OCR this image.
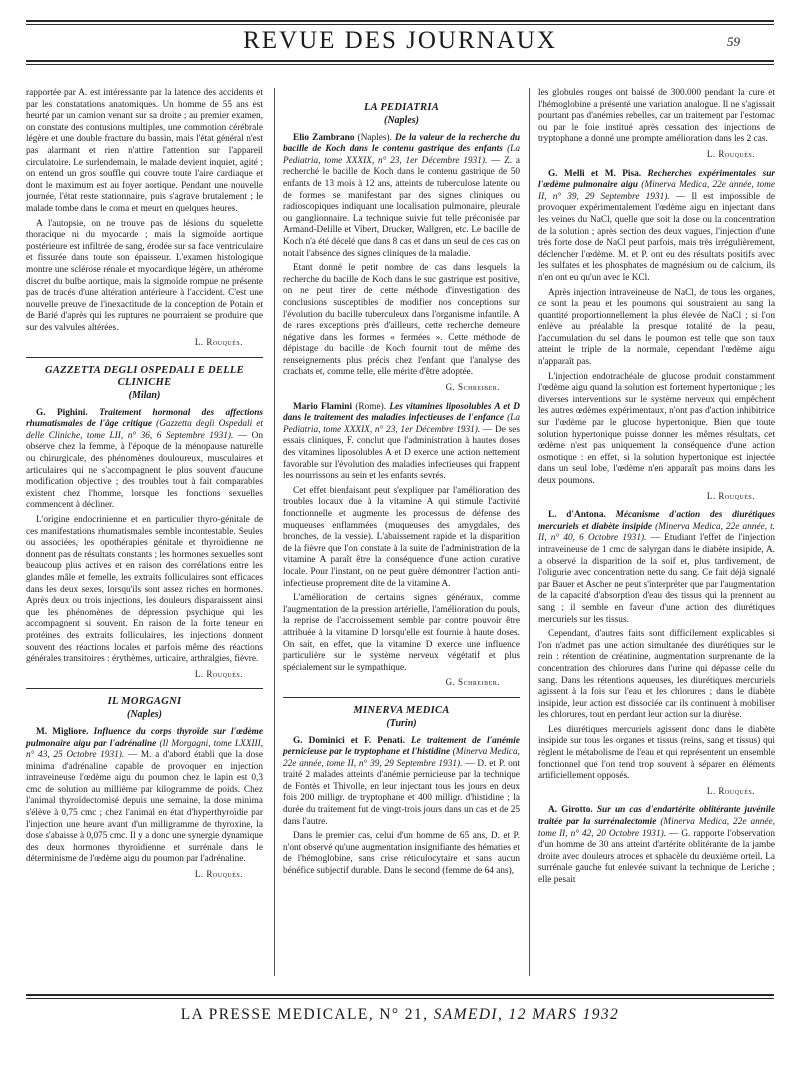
REVUE DES JOURNAUX	59

rapportée par A. est intéressante par la latence des accidents et par les constatations anatomiques. Un homme de 55 ans est heurté par un camion venant sur sa droite ; au premier examen, on constate des contusions multiples, une commotion cérébrale légère et une double fracture du bassin, mais l'état général n'est pas alarmant et rien n'attire l'attention sur l'appareil circulatoire. Le surlendemain, le malade devient inquiet, agité ; on entend un gros souffle qui couvre toute l'aire cardiaque et dont le maximum est au foyer aortique. Pendant une nouvelle journée, l'état reste stationnaire, puis s'agrave brutalement ; le malade tombe dans le coma et meurt en quelques heures.

A l'autopsie, on ne trouve pas de lésions du squelette thoracique ni du myocarde ; mais la sigmoïde aortique postérieure est infiltrée de sang, érodée sur sa face ventriculaire et fissurée dans toute son épaisseur. L'examen histologique montre une sclérose rénale et myocardique légère, un athérome discret du bulbe aortique, mais la sigmoïde rompue ne présente pas de tracés d'une altération antérieure à l'accident. C'est une nouvelle preuve de l'inexactitude de la conception de Potain et de Barié d'après qui les ruptures ne pourraient se produire que sur des valvules altérées.

L. Rouquès.
GAZZETTA DEGLI OSPEDALI E DELLE CLINICHE
(Milan)

G. Pighini. Traitement hormonal des affections rhumatismales de l'âge critique (Gazzetta degli Ospedali et delle Cliniche, tome LII, n° 36, 6 Septembre 1931). — On observe chez la femme, à l'époque de la ménopause naturelle ou chirurgicale, des phénomènes douloureux, musculaires et articulaires qui ne s'accompagnent le plus souvent d'aucune modification objective ; des troubles tout à fait comparables existent chez l'homme, lorsque les fonctions sexuelles commencent à décliner.

L'origine endocrinienne et en particulier thyro-génitale de ces manifestations rhumatismales semble incontestable. Seules ou associées, les opothérapies génitale et thyroïdienne ne donnent pas de résultats constants ; les hormones sexuelles sont beaucoup plus actives et en raison des corrélations entre les glandes mâle et femelle, les extraits folliculaires sont efficaces dans les deux sexes, lorsqu'ils sont assez riches en hormones. Après deux ou trois injections, les douleurs disparaissent ainsi que les phénomènes de dépression psychique qui les accompagnent si souvent. En raison de la forte teneur en protéines des extraits folliculaires, les injections donnent souvent des réactions locales et parfois même des réactions générales transitoires : érythèmes, urticaire, arthralgies, fièvre.

L. Rouquès.
IL MORGAGNI
(Naples)

M. Migliore. Influence du corps thyroïde sur l'œdème pulmonaire aigu par l'adrénaline (Il Morgagni, tome LXXIII, n° 43, 25 Octobre 1931). — M. a d'abord établi que la dose minima d'adrénaline capable de provoquer en injection intraveineuse l'œdème aigu du poumon chez le lapin est 0,3 cmc de solution au millième par kilogramme de poids. Chez l'animal thyroïdectomisé depuis une semaine, la dose minima s'élève à 0,75 cmc ; chez l'animal en état d'hyperthyroïdie par l'injection une heure avant d'un milligramme de thyroxine, la dose s'abaisse à 0,075 cmc. Il y a donc une synergie dynamique des deux hormones thyroïdienne et surrénale dans le déterminisme de l'œdème aigu du poumon par l'adrénaline.

L. Rouquès.
LA PEDIATRIA
(Naples)

Elio Zambrano (Naples). De la valeur de la recherche du bacille de Koch dans le contenu gastrique des enfants (La Pediatria, tome XXXIX, n° 23, 1er Décembre 1931). — Z. a recherché le bacille de Koch dans le contenu gastrique de 50 enfants de 13 mois à 12 ans, atteints de tuberculose latente ou de formes se manifestant par des signes cliniques ou radioscopiques indiquant une localisation pulmonaire, pleurale ou ganglionnaire. La technique suivie fut telle préconisée par Armand-Delille et Vibert, Drucker, Wallgren, etc. Le bacille de Koch n'a été décelé que dans 8 cas et dans un seul de ces cas on notait l'absence des signes cliniques de la maladie.

Etant donné le petit nombre de cas dans lesquels la recherche du bacille de Koch dans le suc gastrique est positive, on ne peut tirer de cette méthode d'investigation des conclusions susceptibles de modifier nos conceptions sur l'évolution du bacille tuberculeux dans l'organisme infantile. A de rares exceptions près d'ailleurs, cette recherche demeure négative dans les formes « fermées ». Cette méthode de dépistage du bacille de Koch fournit tout de même des renseignements plus précis chez l'enfant que l'analyse des crachats et, comme telle, elle mérite d'être adoptée.

G. Schreiber.

Mario Flamini (Rome). Les vitamines liposolubles A et D dans le traitement des maladies infectieuses de l'enfance (La Pediatria, tome XXXIX, n° 23, 1er Décembre 1931). — De ses essais cliniques, F. conclut que l'administration à hautes doses des vitamines liposolubles A et D exerce une action nettement favorable sur l'évolution des maladies infectieuses qui frappent les nourrissons au sein et les enfants sevrés.

Cet effet bienfaisant peut s'expliquer par l'amélioration des troubles locaux due à la vitamine A qui stimule l'activité fonctionnelle et augmente les processus de défense des muqueuses enflammées (muqueuses des amygdales, des bronches, de la vessie). L'abaissement rapide et la disparition de la fièvre que l'on constate à la suite de l'administration de la vitamine A paraît être la conséquence d'une action curative locale. Pour l'instant, on ne peut guère démontrer l'action anti-infectieuse proprement dite de la vitamine A.

L'amélioration de certains signes généraux, comme l'augmentation de la pression artérielle, l'amélioration du pouls, la reprise de l'accroissement semble par contre pouvoir être attribuée à la vitamine D lorsqu'elle est fournie à haute doses. On sait, en effet, que la vitamine D exerce une influence particulière sur le système nerveux végétatif et plus spécialement sur le sympathique.

G. Schreiber.
MINERVA MEDICA
(Turin)

G. Dominici et F. Penati. Le traitement de l'anémie pernicieuse par le tryptophane et l'histidine (Minerva Medica, 22e année, tome II, n° 39, 29 Septembre 1931). — D. et P. ont traité 2 malades atteints d'anémie pernicieuse par la technique de Fontès et Thivolle, en leur injectant tous les jours en deux fois 200 milligr. de tryptophane et 400 milligr. d'histidine ; la durée du traitement fut de vingt-trois jours dans un cas et de 25 dans l'autre.

Dans le premier cas, celui d'un homme de 65 ans, D. et P. n'ont observé qu'une augmentation insignifiante des hématies et de l'hémoglobine, sans crise réticulocytaire et sans aucun bénéfice subjectif durable. Dans le second (femme de 64 ans),

les globules rouges ont baissé de 300.000 pendant la cure et l'hémoglobine a présenté une variation analogue. Il ne s'agissait pourtant pas d'anémies rebelles, car un traitement par l'estomac ou par le foie institué après cessation des injections de tryptophane a donné une prompte amélioration dans les 2 cas.

L. Rouquès.

G. Melli et M. Pisa. Recherches expérimentales sur l'œdème pulmonaire aigu (Minerva Medica, 22e année, tome II, n° 39, 29 Septembre 1931). — Il est impossible de provoquer expérimentalement l'œdème aigu en injectant dans les veines du NaCl, quelle que soit la dose ou la concentration de la solution ; après section des deux vagues, l'injection d'une très forte dose de NaCl peut parfois, mais très irrégulièrement, déclencher l'œdème. M. et P. ont eu des résultats positifs avec les sulfates et les phosphates de magnésium ou de calcium, ils n'en ont eu qu'un avec le KCl.

Après injection intraveineuse de NaCl, de tous les organes, ce sont la peau et les poumons qui soustraient au sang la quantité proportionnellement la plus élevée de NaCl ; si l'on enlève au préalable la presque totalité de la peau, l'accumulation du sel dans le poumon est telle que son taux atteint le triple de la normale, cependant l'œdème aigu n'apparaît pas.

L'injection endotrachéale de glucose produit constamment l'œdème aigu quand la solution est fortement hypertonique ; les diverses interventions sur le système nerveux qui empêchent les autres œdèmes expérimentaux, n'ont pas d'action inhibitrice sur l'œdème par le glucose hypertonique. Bien que toute solution hypertonique puisse donner les mêmes résultats, cet œdème n'est pas uniquement la conséquence d'une action osmotique : en effet, si la solution hypertonique est injectée dans un seul lobe, l'œdème n'en apparaît pas moins dans les deux poumons.

L. Rouquès.

L. d'Antona. Mécanisme d'action des diurétiques mercuriels et diabète insipide (Minerva Medica, 22e année, t. II, n° 40, 6 Octobre 1931). — Etudiant l'effet de l'injection intraveineuse de 1 cmc de salyrgan dans le diabète insipide, A. a observé la disparition de la soif et, plus tardivement, de l'oligurie avec concentration nette du sang. Ce fait déjà signalé par Bauer et Ascher ne peut s'interpréter que par l'augmentation de la capacité d'absorption d'eau des tissus qui la prennent au sang ; il semble en faveur d'une action des diurétiques mercuriels sur les tissus.

Cependant, d'autres faits sont difficilement explicables si l'on n'admet pas une action simultanée des diurétiques sur le rein : rétention de créatinine, augmentation surprenante de la concentration des chlorures dans l'urine qui dépasse celle du sang. Dans les rétentions aqueuses, les diurétiques mercuriels agissent à la fois sur l'eau et les chlorures ; dans le diabète insipide, leur action est dissociée car ils continuent à mobiliser les chlorures, tout en perdant leur action sur la diurèse.

Les diurétiques mercuriels agissent donc dans le diabète insipide sur tous les organes et tissus (reins, sang et tissus) qui règlent le métabolisme de l'eau et qui représentent un ensemble fonctionnel que l'on tend trop souvent à séparer en éléments artificiellement opposés.

L. Rouquès.

A. Girotto. Sur un cas d'endartérite oblitérante juvénile traitée par la surrénalectomie (Minerva Medica, 22e année, tome II, n° 42, 20 Octobre 1931). — G. rapporte l'observation d'un homme de 30 ans atteint d'artérite oblitérante de la jambe droite avec douleurs atroces et sphacèle du deuxième orteil. La surrénale gauche fut enlevée suivant la technique de Leriche ; elle pesait

LA PRESSE MEDICALE, N° 21, SAMEDI, 12 MARS 1932
